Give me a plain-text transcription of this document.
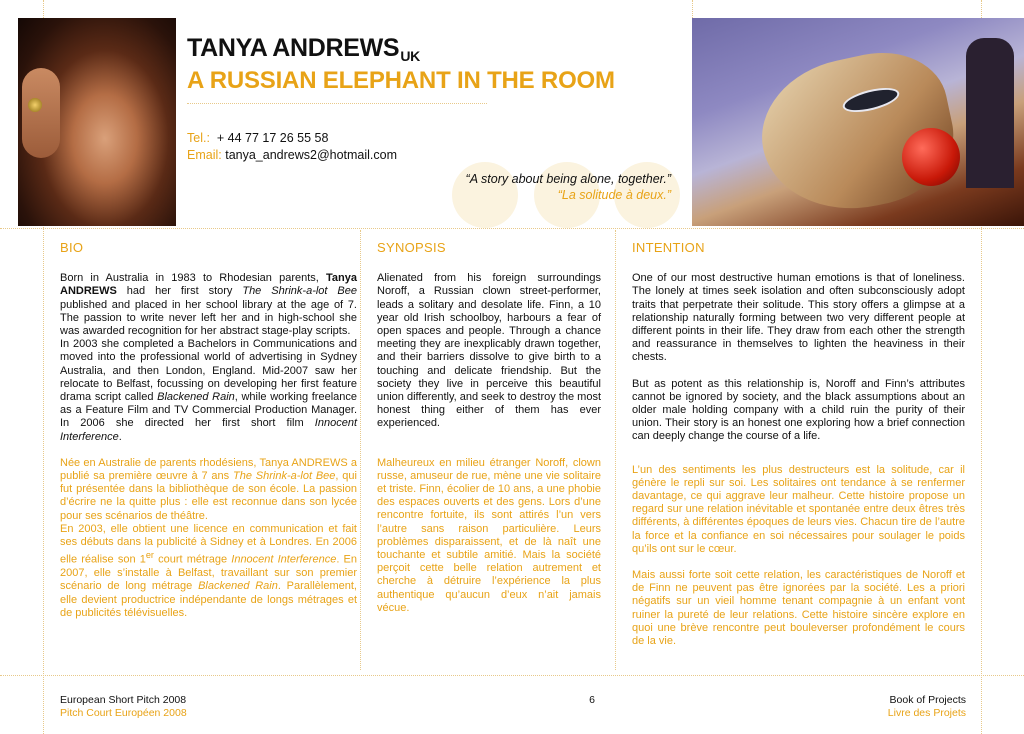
TANYA $ANDREWS_{UK}$
A RUSSIAN ELEPHANT IN THE ROOM
Tel.: + 44 77 17 26 55 58
Email: tanya_andrews2@hotmail.com
“A story about being alone, together.”
“La solitude à deux.”
BIO

Born in Australia in 1983 to Rhodesian parents, Tanya ANDREWS had her first story The Shrink-a-lot Bee published and placed in her school library at the age of 7. The passion to write never left her and in high-school she was awarded recognition for her abstract stage-play scripts.

In 2003 she completed a Bachelors in Communications and moved into the professional world of advertising in Sydney Australia, and then London, England. Mid-2007 saw her relocate to Belfast, focussing on developing her first feature drama script called Blackened Rain, while working freelance as a Feature Film and TV Commercial Production Manager. In 2006 she directed her first short film Innocent Interference.

Née en Australie de parents rhodésiens, Tanya ANDREWS a publié sa première œuvre à 7 ans The Shrink-a-lot Bee, qui fut présentée dans la bibliothèque de son école. La passion d’écrire ne la quitte plus : elle est reconnue dans son lycée pour ses scénarios de théâtre.

En 2003, elle obtient une licence en communication et fait ses débuts dans la publicité à Sidney et à Londres. En 2006 elle réalise son 1er court métrage Innocent Interference. En 2007, elle s’installe à Belfast, travaillant sur son premier scénario de long métrage Blackened Rain. Parallèlement, elle devient productrice indépendante de longs métrages et de publicités télévisuelles.

SYNOPSIS

Alienated from his foreign surroundings Noroff, a Russian clown street-performer, leads a solitary and desolate life. Finn, a 10 year old Irish schoolboy, harbours a fear of open spaces and people. Through a chance meeting they are inexplicably drawn together, and their barriers dissolve to give birth to a touching and delicate friendship. But the society they live in perceive this beautiful union differently, and seek to destroy the most honest thing either of them has ever experienced.

Malheureux en milieu étranger Noroff, clown russe, amuseur de rue, mène une vie solitaire et triste. Finn, écolier de 10 ans, a une phobie des espaces ouverts et des gens. Lors d’une rencontre fortuite, ils sont attirés l’un vers l’autre sans raison particulière. Leurs problèmes disparaissent, et de là naît une touchante et subtile amitié. Mais la société perçoit cette belle relation autrement et cherche à détruire l’expérience la plus authentique qu’aucun d’eux n’ait jamais vécue.

INTENTION

One of our most destructive human emotions is that of loneliness. The lonely at times seek isolation and often subconsciously adopt traits that perpetrate their solitude. This story offers a glimpse at a relationship naturally forming between two very different people at different points in their life. They draw from each other the strength and reassurance in themselves to lighten the heaviness in their chests.

But as potent as this relationship is, Noroff and Finn’s attributes cannot be ignored by society, and the black assumptions about an older male holding company with a child ruin the purity of their union. Their story is an honest one exploring how a brief connection can deeply change the course of a life.

L’un des sentiments les plus destructeurs est la solitude, car il génère le repli sur soi. Les solitaires ont tendance à se renfermer davantage, ce qui aggrave leur malheur. Cette histoire propose un regard sur une relation inévitable et spontanée entre deux êtres très différents, à différentes époques de leurs vies. Chacun tire de l’autre la force et la confiance en soi nécessaires pour soulager le poids qu’ils ont sur le cœur.

Mais aussi forte soit cette relation, les caractéristiques de Noroff et de Finn ne peuvent pas être ignorées par la société. Les a priori négatifs sur un vieil homme tenant compagnie à un enfant vont ruiner la pureté de leur relations. Cette histoire sincère explore en quoi une brève rencontre peut bouleverser profondément le cours de la vie.

European Short Pitch 2008
Pitch Court Européen 2008
6	Book of Projects
Livre des Projets
